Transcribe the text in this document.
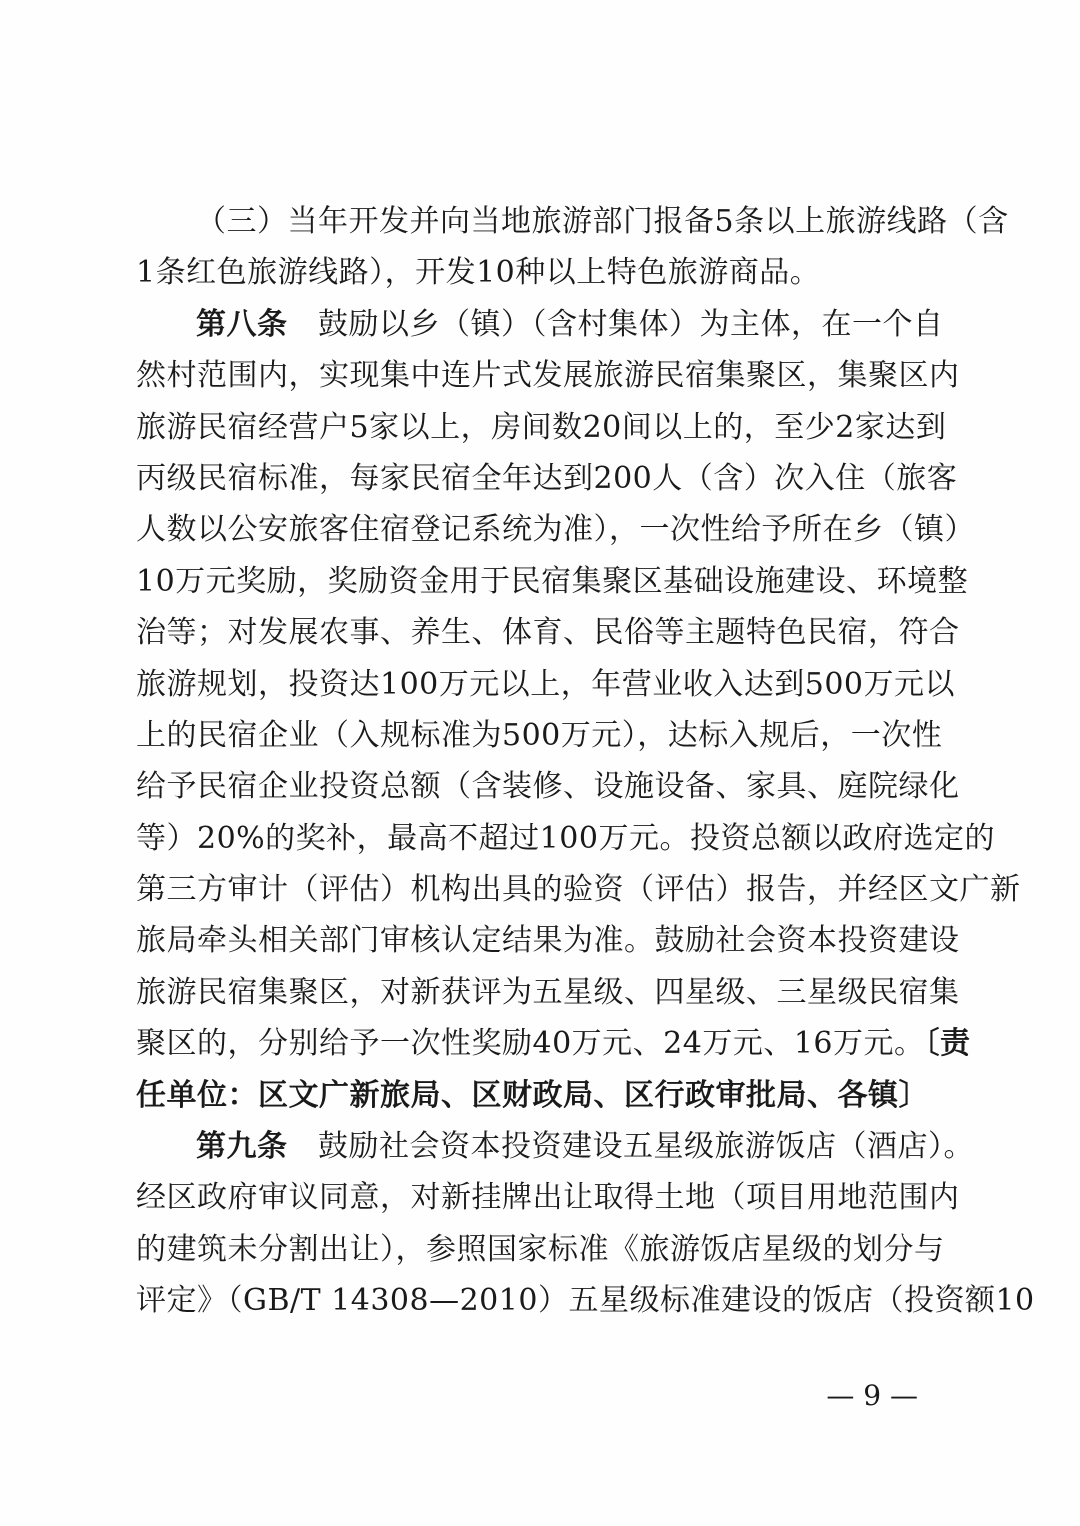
（三）当年开发并向当地旅游部门报备5条以上旅游线路（含
1条红色旅游线路），开发10种以上特色旅游商品。
第八条　鼓励以乡（镇）（含村集体）为主体，在一个自
然村范围内，实现集中连片式发展旅游民宿集聚区，集聚区内
旅游民宿经营户5家以上，房间数20间以上的，至少2家达到
丙级民宿标准，每家民宿全年达到200人（含）次入住（旅客
人数以公安旅客住宿登记系统为准），一次性给予所在乡（镇）
10万元奖励，奖励资金用于民宿集聚区基础设施建设、环境整
治等；对发展农事、养生、体育、民俗等主题特色民宿，符合
旅游规划，投资达100万元以上，年营业收入达到500万元以
上的民宿企业（入规标准为500万元），达标入规后，一次性
给予民宿企业投资总额（含装修、设施设备、家具、庭院绿化
等）20%的奖补，最高不超过100万元。投资总额以政府选定的
第三方审计（评估）机构出具的验资（评估）报告，并经区文广新
旅局牵头相关部门审核认定结果为准。鼓励社会资本投资建设
旅游民宿集聚区，对新获评为五星级、四星级、三星级民宿集
聚区的，分别给予一次性奖励40万元、24万元、16万元。〔责
任单位：区文广新旅局、区财政局、区行政审批局、各镇〕
第九条　鼓励社会资本投资建设五星级旅游饭店（酒店）。
经区政府审议同意，对新挂牌出让取得土地（项目用地范围内
的建筑未分割出让），参照国家标准《旅游饭店星级的划分与
评定》（GB/T 14308—2010）五星级标准建设的饭店（投资额10
— 9 —
